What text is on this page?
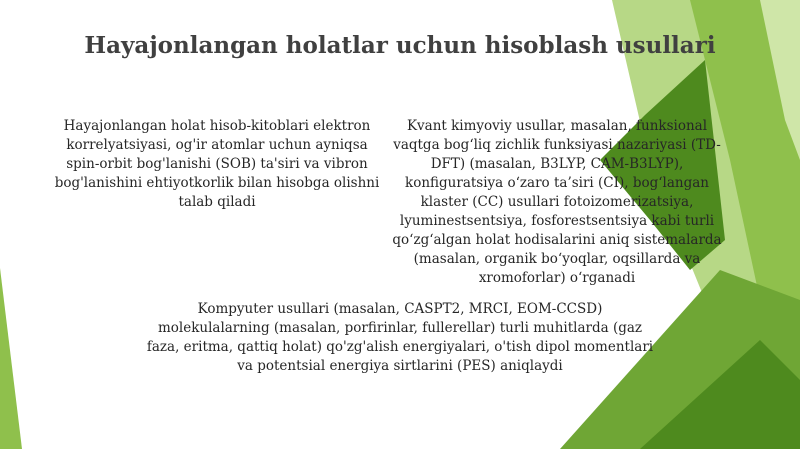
Hayajonlangan holatlar uchun hisoblash usullari

Hayajonlangan holat hisob-kitoblari elektron korrelyatsiyasi, og'ir atomlar uchun ayniqsa spin-orbit bog'lanishi (SOB) ta'siri va vibron bog'lanishini ehtiyotkorlik bilan hisobga olishni talab qiladi

Kvant kimyoviy usullar, masalan, funksional vaqtga bog‘liq zichlik funksiyasi nazariyasi (TD-DFT) (masalan, B3LYP, CAM-B3LYP), konfiguratsiya o‘zaro ta’siri (CI), bog‘langan klaster (CC) usullari fotoizomerizatsiya, lyuminestsentsiya, fosforestsentsiya kabi turli qo‘zg‘algan holat hodisalarini aniq sistemalarda (masalan, organik bo‘yoqlar, oqsillarda va xromoforlar) o‘rganadi

Kompyuter usullari (masalan, CASPT2, MRCI, EOM-CCSD) molekulalarning (masalan, porfirinlar, fullerellar) turli muhitlarda (gaz faza, eritma, qattiq holat) qo'zg'alish energiyalari, o'tish dipol momentlari va potentsial energiya sirtlarini (PES) aniqlaydi
